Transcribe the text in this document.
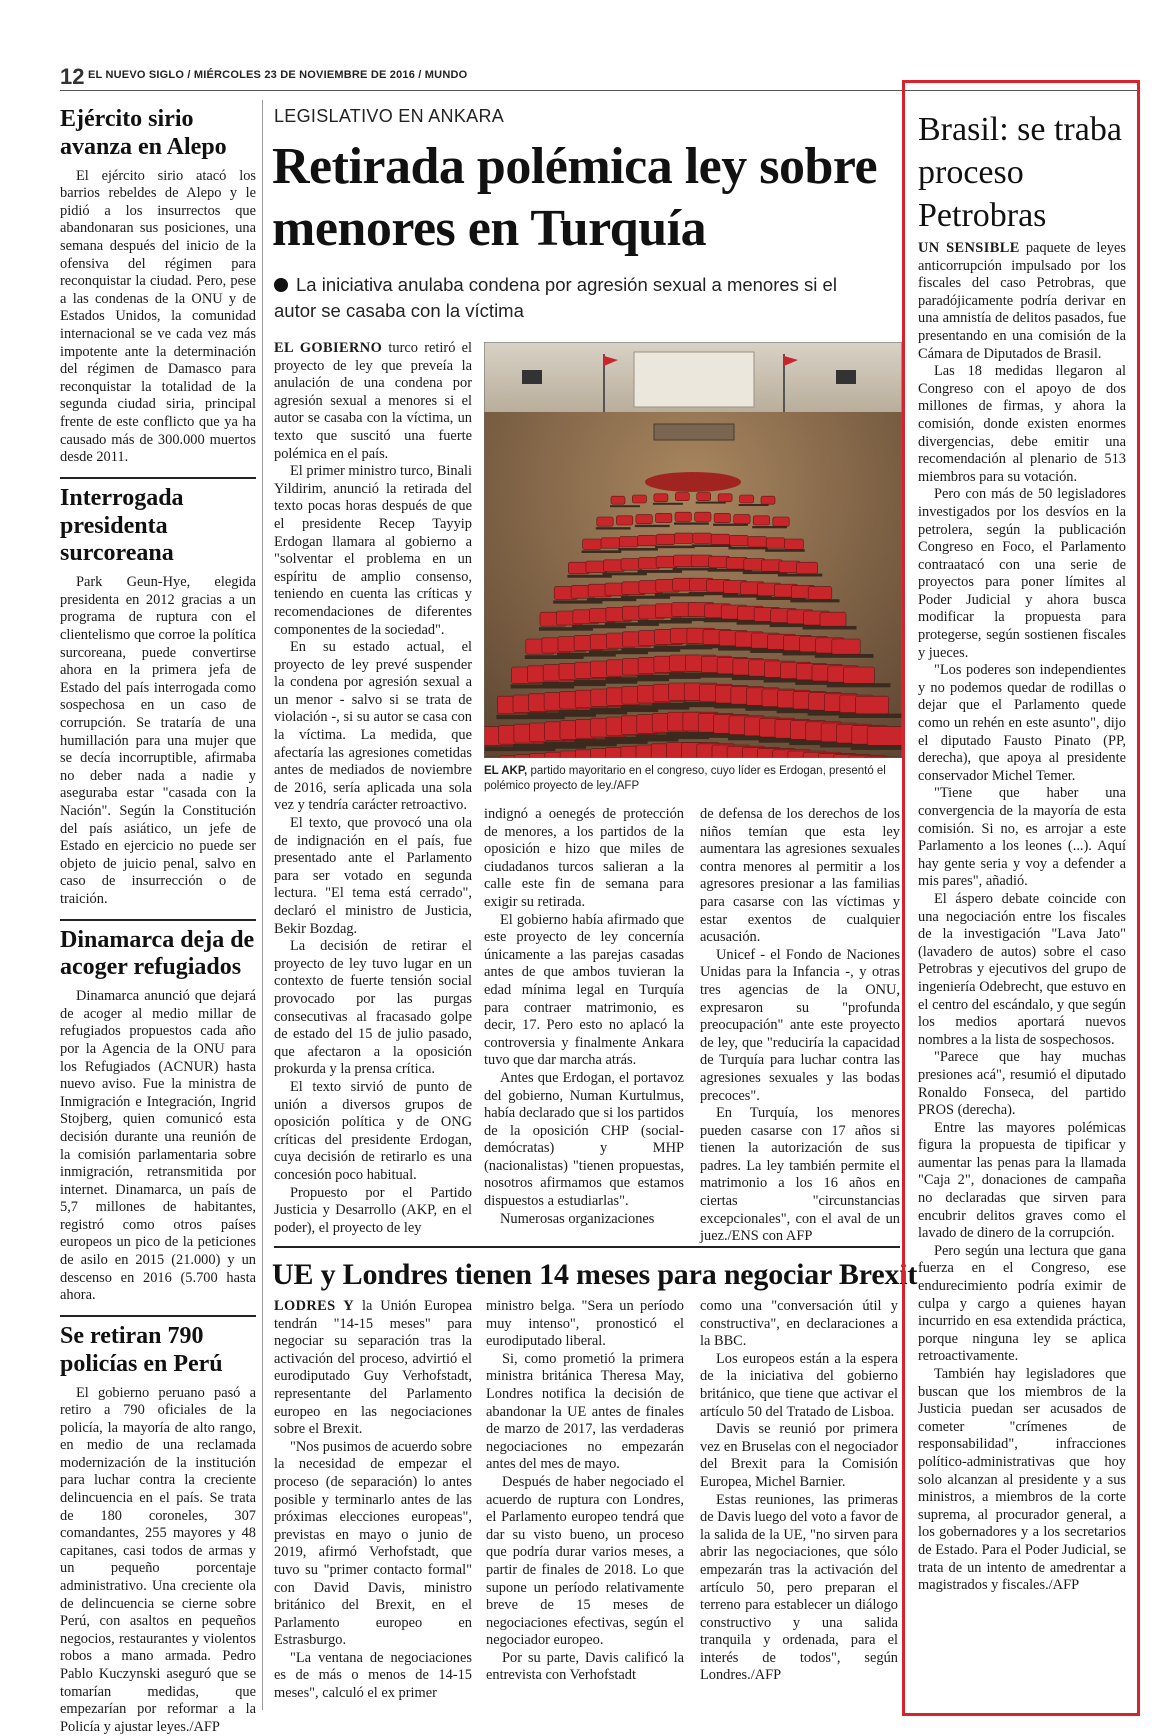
12 EL NUEVO SIGLO / MIÉRCOLES 23 DE NOVIEMBRE DE 2016 / MUNDO
Ejército sirio avanza en Alepo

El ejército sirio atacó los barrios rebeldes de Alepo y le pidió a los insurrectos que abandonaran sus posiciones, una semana después del inicio de la ofensiva del régimen para reconquistar la ciudad. Pero, pese a las condenas de la ONU y de Estados Unidos, la comunidad internacional se ve cada vez más impotente ante la determinación del régimen de Damasco para reconquistar la totalidad de la segunda ciudad siria, principal frente de este conflicto que ya ha causado más de 300.000 muertos desde 2011.

Interrogada presidenta surcoreana

Park Geun-Hye, elegida presidenta en 2012 gracias a un programa de ruptura con el clientelismo que corroe la política surcoreana, puede convertirse ahora en la primera jefa de Estado del país interrogada como sospechosa en un caso de corrupción. Se trataría de una humillación para una mujer que se decía incorruptible, afirmaba no deber nada a nadie y aseguraba estar "casada con la Nación". Según la Constitución del país asiático, un jefe de Estado en ejercicio no puede ser objeto de juicio penal, salvo en caso de insurrección o de traición.

Dinamarca deja de acoger refugiados

Dinamarca anunció que dejará de acoger al medio millar de refugiados propuestos cada año por la Agencia de la ONU para los Refugiados (ACNUR) hasta nuevo aviso. Fue la ministra de Inmigración e Integración, Ingrid Stojberg, quien comunicó esta decisión durante una reunión de la comisión parlamentaria sobre inmigración, retransmitida por internet. Dinamarca, un país de 5,7 millones de habitantes, registró como otros países europeos un pico de la peticiones de asilo en 2015 (21.000) y un descenso en 2016 (5.700 hasta ahora.

Se retiran 790 policías en Perú

El gobierno peruano pasó a retiro a 790 oficiales de la policía, la mayoría de alto rango, en medio de una reclamada modernización de la institución para luchar contra la creciente delincuencia en el país. Se trata de 180 coroneles, 307 comandantes, 255 mayores y 48 capitanes, casi todos de armas y un pequeño porcentaje administrativo. Una creciente ola de delincuencia se cierne sobre Perú, con asaltos en pequeños negocios, restaurantes y violentos robos a mano armada. Pedro Pablo Kuczynski aseguró que se tomarían medidas, que empezarían por reformar a la Policía y ajustar leyes./AFP

LEGISLATIVO EN ANKARA
Retirada polémica ley sobre menores en Turquía
La iniciativa anulaba condena por agresión sexual a menores si el autor se casaba con la víctima

EL GOBIERNO turco retiró el proyecto de ley que preveía la anulación de una condena por agresión sexual a menores si el autor se casaba con la víctima, un texto que suscitó una fuerte polémica en el país.

El primer ministro turco, Binali Yildirim, anunció la retirada del texto pocas horas después de que el presidente Recep Tayyip Erdogan llamara al gobierno a "solventar el problema en un espíritu de amplio consenso, teniendo en cuenta las críticas y recomendaciones de diferentes componentes de la sociedad".

En su estado actual, el proyecto de ley prevé suspender la condena por agresión sexual a un menor - salvo si se trata de violación -, si su autor se casa con la víctima. La medida, que afectaría las agresiones cometidas antes de mediados de noviembre de 2016, sería aplicada una sola vez y tendría carácter retroactivo.

El texto, que provocó una ola de indignación en el país, fue presentado ante el Parlamento para ser votado en segunda lectura. "El tema está cerrado", declaró el ministro de Justicia, Bekir Bozdag.

La decisión de retirar el proyecto de ley tuvo lugar en un contexto de fuerte tensión social provocado por las purgas consecutivas al fracasado golpe de estado del 15 de julio pasado, que afectaron a la oposición prokurda y la prensa crítica.

El texto sirvió de punto de unión a diversos grupos de oposición política y de ONG críticas del presidente Erdogan, cuya decisión de retirarlo es una concesión poco habitual.

Propuesto por el Partido Justicia y Desarrollo (AKP, en el poder), el proyecto de ley

EL AKP, partido mayoritario en el congreso, cuyo líder es Erdogan, presentó el polémico proyecto de ley./AFP

indignó a oenegés de protección de menores, a los partidos de la oposición e hizo que miles de ciudadanos turcos salieran a la calle este fin de semana para exigir su retirada.

El gobierno había afirmado que este proyecto de ley concernía únicamente a las parejas casadas antes de que ambos tuvieran la edad mínima legal en Turquía para contraer matrimonio, es decir, 17. Pero esto no aplacó la controversia y finalmente Ankara tuvo que dar marcha atrás.

Antes que Erdogan, el portavoz del gobierno, Numan Kurtulmus, había declarado que si los partidos de la oposición CHP (social-demócratas) y MHP (nacionalistas) "tienen propuestas, nosotros afirmamos que estamos dispuestos a estudiarlas".

Numerosas organizaciones

de defensa de los derechos de los niños temían que esta ley aumentara las agresiones sexuales contra menores al permitir a los agresores presionar a las familias para casarse con las víctimas y estar exentos de cualquier acusación.

Unicef - el Fondo de Naciones Unidas para la Infancia -, y otras tres agencias de la ONU, expresaron su "profunda preocupación" ante este proyecto de ley, que "reduciría la capacidad de Turquía para luchar contra las agresiones sexuales y las bodas precoces".

En Turquía, los menores pueden casarse con 17 años si tienen la autorización de sus padres. La ley también permite el matrimonio a los 16 años en ciertas "circunstancias excepcionales", con el aval de un juez./ENS con AFP

UE y Londres tienen 14 meses para negociar Brexit

LODRES Y la Unión Europea tendrán "14-15 meses" para negociar su separación tras la activación del proceso, advirtió el eurodiputado Guy Verhofstadt, representante del Parlamento europeo en las negociaciones sobre el Brexit.

"Nos pusimos de acuerdo sobre la necesidad de empezar el proceso (de separación) lo antes posible y terminarlo antes de las próximas elecciones europeas", previstas en mayo o junio de 2019, afirmó Verhofstadt, que tuvo su "primer contacto formal" con David Davis, ministro británico del Brexit, en el Parlamento europeo en Estrasburgo.

"La ventana de negociaciones es de más o menos de 14-15 meses", calculó el ex primer

ministro belga. "Sera un período muy intenso", pronosticó el eurodiputado liberal.

Si, como prometió la primera ministra británica Theresa May, Londres notifica la decisión de abandonar la UE antes de finales de marzo de 2017, las verdaderas negociaciones no empezarán antes del mes de mayo.

Después de haber negociado el acuerdo de ruptura con Londres, el Parlamento europeo tendrá que dar su visto bueno, un proceso que podría durar varios meses, a partir de finales de 2018. Lo que supone un período relativamente breve de 15 meses de negociaciones efectivas, según el negociador europeo.

Por su parte, Davis calificó la entrevista con Verhofstadt

como una "conversación útil y constructiva", en declaraciones a la BBC.

Los europeos están a la espera de la iniciativa del gobierno británico, que tiene que activar el artículo 50 del Tratado de Lisboa.

Davis se reunió por primera vez en Bruselas con el negociador del Brexit para la Comisión Europea, Michel Barnier.

Estas reuniones, las primeras de Davis luego del voto a favor de la salida de la UE, "no sirven para abrir las negociaciones, que sólo empezarán tras la activación del artículo 50, pero preparan el terreno para establecer un diálogo constructivo y una salida tranquila y ordenada, para el interés de todos", según Londres./AFP

Brasil: se traba proceso Petrobras

UN SENSIBLE paquete de leyes anticorrupción impulsado por los fiscales del caso Petrobras, que paradójicamente podría derivar en una amnistía de delitos pasados, fue presentando en una comisión de la Cámara de Diputados de Brasil.

Las 18 medidas llegaron al Congreso con el apoyo de dos millones de firmas, y ahora la comisión, donde existen enormes divergencias, debe emitir una recomendación al plenario de 513 miembros para su votación.

Pero con más de 50 legisladores investigados por los desvíos en la petrolera, según la publicación Congreso en Foco, el Parlamento contraatacó con una serie de proyectos para poner límites al Poder Judicial y ahora busca modificar la propuesta para protegerse, según sostienen fiscales y jueces.

"Los poderes son independientes y no podemos quedar de rodillas o dejar que el Parlamento quede como un rehén en este asunto", dijo el diputado Fausto Pinato (PP, derecha), que apoya al presidente conservador Michel Temer.

"Tiene que haber una convergencia de la mayoría de esta comisión. Si no, es arrojar a este Parlamento a los leones (...). Aquí hay gente seria y voy a defender a mis pares", añadió.

El áspero debate coincide con una negociación entre los fiscales de la investigación "Lava Jato" (lavadero de autos) sobre el caso Petrobras y ejecutivos del grupo de ingeniería Odebrecht, que estuvo en el centro del escándalo, y que según los medios aportará nuevos nombres a la lista de sospechosos.

"Parece que hay muchas presiones acá", resumió el diputado Ronaldo Fonseca, del partido PROS (derecha).

Entre las mayores polémicas figura la propuesta de tipificar y aumentar las penas para la llamada "Caja 2", donaciones de campaña no declaradas que sirven para encubrir delitos graves como el lavado de dinero de la corrupción.

Pero según una lectura que gana fuerza en el Congreso, ese endurecimiento podría eximir de culpa y cargo a quienes hayan incurrido en esa extendida práctica, porque ninguna ley se aplica retroactivamente.

También hay legisladores que buscan que los miembros de la Justicia puedan ser acusados de cometer "crímenes de responsabilidad", infracciones político-administrativas que hoy solo alcanzan al presidente y a sus ministros, a miembros de la corte suprema, al procurador general, a los gobernadores y a los secretarios de Estado. Para el Poder Judicial, se trata de un intento de amedrentar a magistrados y fiscales./AFP
